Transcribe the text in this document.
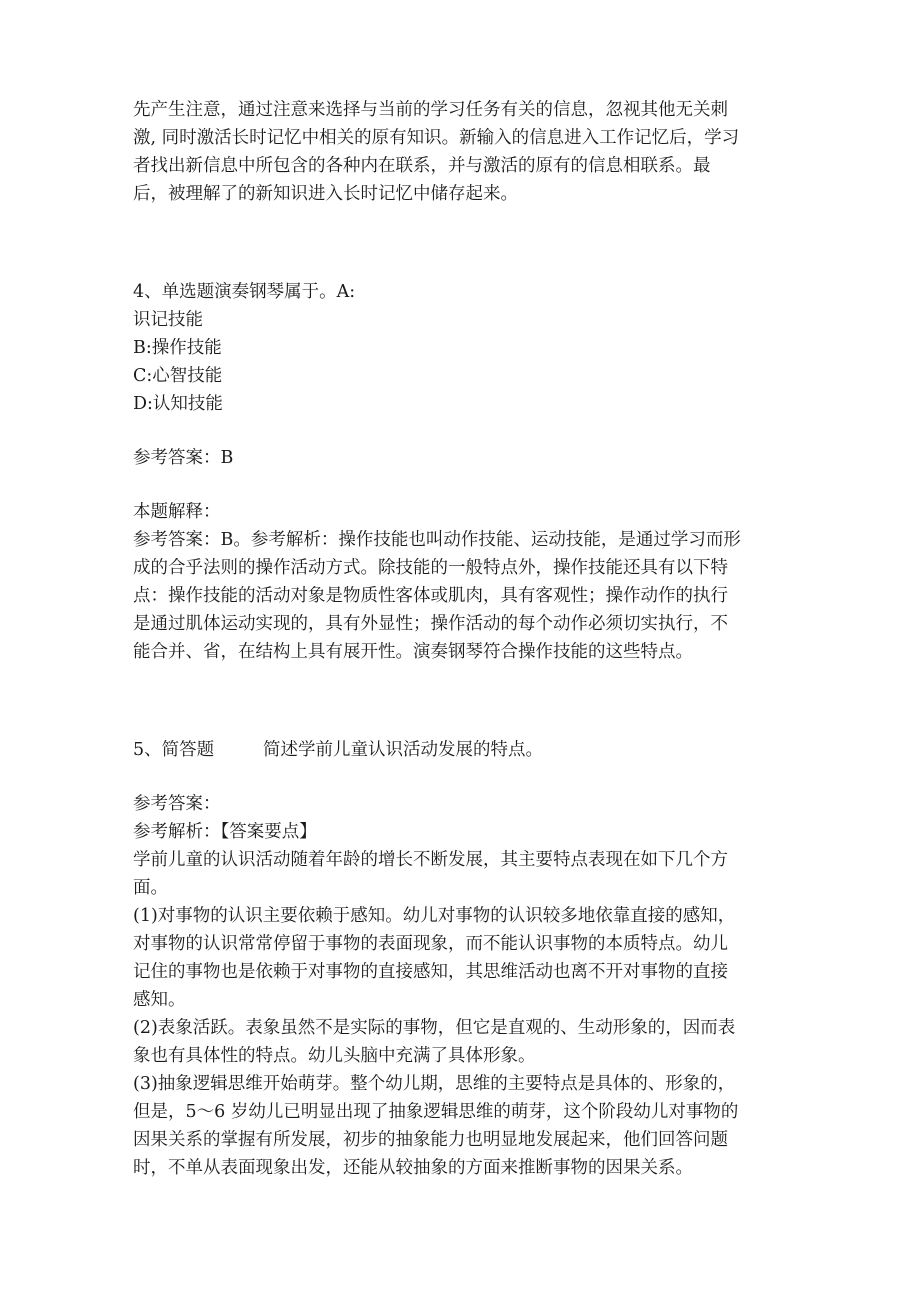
先产生注意，通过注意来选择与当前的学习任务有关的信息，忽视其他无关刺
激, 同时激活长时记忆中相关的原有知识。新输入的信息进入工作记忆后，学习
者找出新信息中所包含的各种内在联系，并与激活的原有的信息相联系。最
后，被理解了的新知识进入长时记忆中储存起来。
4、单选题演奏钢琴属于。A:
识记技能
B:操作技能
C:心智技能
D:认知技能
参考答案：B
本题解释：
参考答案：B。参考解析：操作技能也叫动作技能、运动技能，是通过学习而形
成的合乎法则的操作活动方式。除技能的一般特点外，操作技能还具有以下特
点：操作技能的活动对象是物质性客体或肌肉，具有客观性；操作动作的执行
是通过肌体运动实现的，具有外显性；操作活动的每个动作必须切实执行，不
能合并、省，在结构上具有展开性。演奏钢琴符合操作技能的这些特点。
5、简答题	简述学前儿童认识活动发展的特点。
参考答案：
参考解析：【答案要点】
学前儿童的认识活动随着年龄的增长不断发展，其主要特点表现在如下几个方
面。
(1)对事物的认识主要依赖于感知。幼儿对事物的认识较多地依靠直接的感知，
对事物的认识常常停留于事物的表面现象，而不能认识事物的本质特点。幼儿
记住的事物也是依赖于对事物的直接感知，其思维活动也离不开对事物的直接
感知。
(2)表象活跃。表象虽然不是实际的事物，但它是直观的、生动形象的，因而表
象也有具体性的特点。幼儿头脑中充满了具体形象。
(3)抽象逻辑思维开始萌芽。整个幼儿期，思维的主要特点是具体的、形象的，
但是，5～6 岁幼儿已明显出现了抽象逻辑思维的萌芽，这个阶段幼儿对事物的
因果关系的掌握有所发展，初步的抽象能力也明显地发展起来，他们回答问题
时，不单从表面现象出发，还能从较抽象的方面来推断事物的因果关系。
